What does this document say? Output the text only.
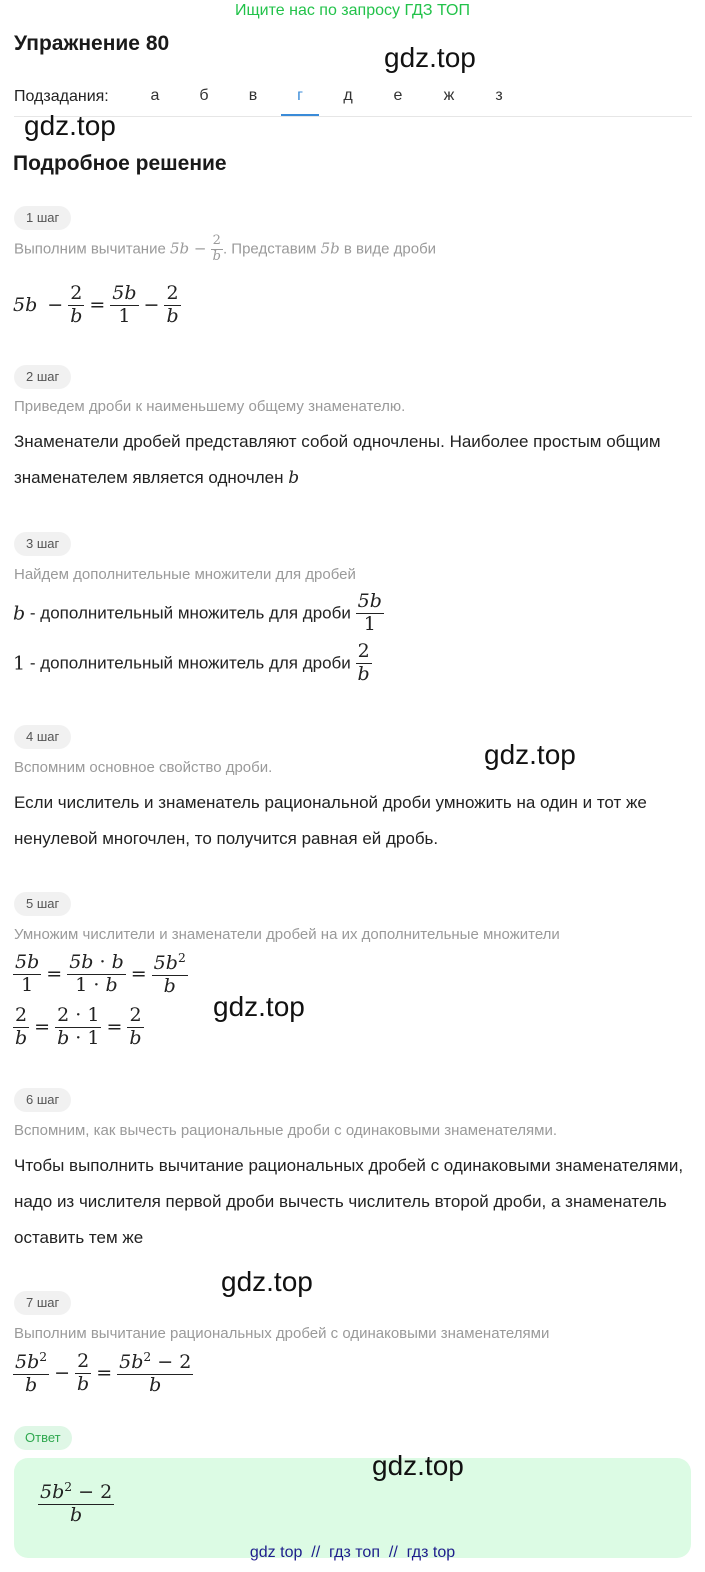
Ищите нас по запросу ГДЗ ТОП
Упражнение 80	gdz.top
Подзадания:	а	б	в	г	д	е	ж	з
gdz.top
Подробное решение
1 шаг
Выполним вычитание $5b - \frac{2}{b}$ . Представим 5b в виде дроби
$5b - \frac{2}{b} = \frac{5b}{1} - \frac{2}{b}$
2 шаг
Приведем дроби к наименьшему общему знаменателю.
Знаменатели дробей представляют собой одночлены. Наиболее простым общим знаменателем является одночлен b
3 шаг
Найдем дополнительные множители для дробей
b - дополнительный множитель для дроби $\frac{5b}{1}$
1 - дополнительный множитель для дроби $\frac{2}{b}$
4 шаг
gdz.top
Вспомним основное свойство дроби.
Если числитель и знаменатель рациональной дроби умножить на один и тот же ненулевой многочлен, то получится равная ей дробь.
5 шаг
Умножим числители и знаменатели дробей на их дополнительные множители
$\frac{5b}{1} = \frac{5b \cdot b}{1 \cdot b} = \frac{5b^2}{b}$
$\frac{2}{b} = \frac{2 \cdot 1}{b \cdot 1} = \frac{2}{b} gdz.top$
6 шаг
Вспомним, как вычесть рациональные дроби с одинаковыми знаменателями.
Чтобы выполнить вычитание рациональных дробей с одинаковыми знаменателями, надо из числителя первой дроби вычесть числитель второй дроби, а знаменатель оставить тем же
gdz.top
7 шаг
Выполним вычитание рациональных дробей с одинаковыми знаменателями
$\frac{5b^2}{b} - \frac{2}{b} = \frac{5b^2 - 2}{b}$
Ответ
$\frac{5b^2 - 2}{b}$
gdz.top
gdz top  //  гдз топ  //  гдз top
